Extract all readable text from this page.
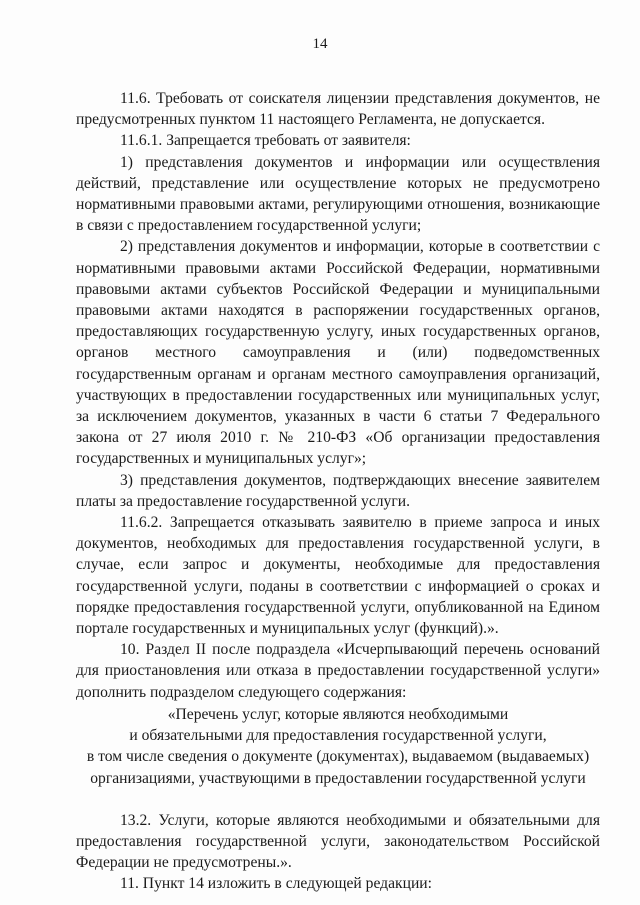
14

11.6. Требовать от соискателя лицензии представления документов, не предусмотренных пунктом 11 настоящего Регламента, не допускается.

11.6.1. Запрещается требовать от заявителя:

1) представления документов и информации или осуществления действий, представление или осуществление которых не предусмотрено нормативными правовыми актами, регулирующими отношения, возникающие в связи с предоставлением государственной услуги;

2) представления документов и информации, которые в соответствии с нормативными правовыми актами Российской Федерации, нормативными правовыми актами субъектов Российской Федерации и муниципальными правовыми актами находятся в распоряжении государственных органов, предоставляющих государственную услугу, иных государственных органов, органов местного самоуправления и (или) подведомственных государственным органам и органам местного самоуправления организаций, участвующих в предоставлении государственных или муниципальных услуг, за исключением документов, указанных в части 6 статьи 7 Федерального закона от 27 июля 2010 г. № 210-ФЗ «Об организации предоставления государственных и муниципальных услуг»;

3) представления документов, подтверждающих внесение заявителем платы за предоставление государственной услуги.

11.6.2. Запрещается отказывать заявителю в приеме запроса и иных документов, необходимых для предоставления государственной услуги, в случае, если запрос и документы, необходимые для предоставления государственной услуги, поданы в соответствии с информацией о сроках и порядке предоставления государственной услуги, опубликованной на Едином портале государственных и муниципальных услуг (функций).».

10. Раздел II после подраздела «Исчерпывающий перечень оснований для приостановления или отказа в предоставлении государственной услуги» дополнить подразделом следующего содержания:

«Перечень услуг, которые являются необходимыми
и обязательными для предоставления государственной услуги,
в том числе сведения о документе (документах), выдаваемом (выдаваемых)
организациями, участвующими в предоставлении государственной услуги

13.2. Услуги, которые являются необходимыми и обязательными для предоставления государственной услуги, законодательством Российской Федерации не предусмотрены.».

11. Пункт 14 изложить в следующей редакции:
